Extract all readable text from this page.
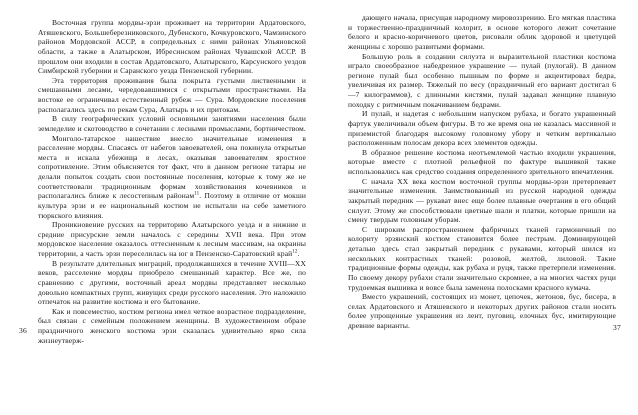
Восточная группа мордвы-эрзи проживает на территории Ардатовского, Атяшевского, Большеберезниковского, Дубенского, Кочкуровского, Чамзинского районов Мордовской АССР, в сопредельных с ними районах Ульяновской области, а также в Алатырском, Ибресинском районах Чувашской АССР. В прошлом они входили в состав Ардатовского, Алатырского, Карсунского уездов Симбирской губернии и Саранского уезда Пензенской губернии.

Эта территория проживания была покрыта густыми лиственными и смешанными лесами, чередовавшимися с открытыми пространствами. На востоке ее ограничивал естественный рубеж — Сура. Мордовские поселения располагались здесь по рекам Сура, Алатырь и их притокам.

В силу географических условий основными занятиями населения были земледелие и скотоводство в сочетании с лесными промыслами, бортничеством.

Монголо-татарское нашествие внесло значительные изменения в расселение мордвы. Спасаясь от набегов завоевателей, она покинула открытые места и искала убежища в лесах, оказывая завоевателям яростное сопротивление. Этим объясняется тот факт, что в данном регионе татары не делали попыток создать свои постоянные поселения, которые к тому же не соответствовали традиционным формам хозяйствования кочевников и располагались ближе к лесостепным районам$^{11}$. Поэтому в отличие от мокши культура эрзи и ее национальный костюм не испытали на себе заметного тюркского влияния.

Проникновение русских на территорию Алатырского уезда и в нижние и средние присурские земли началось с середины XVII века. При этом мордовское население оказалось оттесненным к лесным массивам, на окраины территории, а часть эрзи переселилась на юг в Пензенско-Саратовский край$^{12}$.

В результате длительных миграций, продолжавшихся в течение XVIII—XX веков, расселение мордвы приобрело смешанный характер. Все же, по сравнению с другими, восточный ареал мордвы представляет несколько довольно компактных групп, живущих среди русского населения. Это наложило отпечаток на развитие костюма и его бытование.

Как и повсеместно, костюм региона имел четкое возрастное подразделение, был связан с семейным положением женщины. В художественном образе праздничного женского костюма эрзи сказалась удивительно ярко сила жизнеутверж-

дающего начала, присущая народному мировоззрению. Его мягкая пластика и торжественно-праздничный колорит, в основе которого лежит сочетание белого и красно-коричневого цветов, рисовали облик здоровой и цветущей женщины с хорошо развитыми формами.

Большую роль в создании силуэта и выразительной пластики костюма играло своеобразное набедренное украшение — пулай (пулогай). В данном регионе пулай был особенно пышным по форме и акцентировал бедра, увеличивая их размер. Тяжелый по весу (праздничный его вариант достигал 6—7 килограммов), с длинными кистями, пулай задавал женщине плавную походку с ритмичным покачиванием бедрами.

И пулай, и надетая с небольшим напуском рубаха, и богато украшенный фартук увеличивали объем фигуры. В то же время она не казалась массивной и приземистой благодаря высокому головному убору и четким вертикально расположенным полосам декора всех элементов одежды.

В образное решение костюма неотъемлемой частью входили украшения, которые вместе с плотной рельефной по фактуре вышивкой также использовались как средство создания определенного зрительного впечатления.

С начала XX века костюм восточной группы мордвы-эрзи претерпевает значительные изменения. Заимствованный из русской народной одежды закрытый передник — рукават внес еще более плавные очертания в его общий силуэт. Этому же способствовали цветные шали и платки, которые пришли на смену твердым головным уборам.

С широким распространением фабричных тканей гармоничный по колориту эрзянский костюм становится более пестрым. Доминирующей деталью здесь стал закрытый передник с рукавами, который шился из нескольких контрастных тканей: розовой, желтой, лиловой. Такие традиционные формы одежды, как рубаха и руця, также претерпели изменения. По своему декору рубахи стали значительно скромнее, а на многих частях руци трудоемкая вышивка и вовсе была заменена полосками красного кумача.

Вместо украшений, состоящих из монет, цепочек, жетонов, бус, бисера, в селах Ардатовского и Атяшевского и некоторых других районов стали носить более упрощенные украшения из лент, пуговиц, елочных бус, имитирующие древние варианты.

36	37
